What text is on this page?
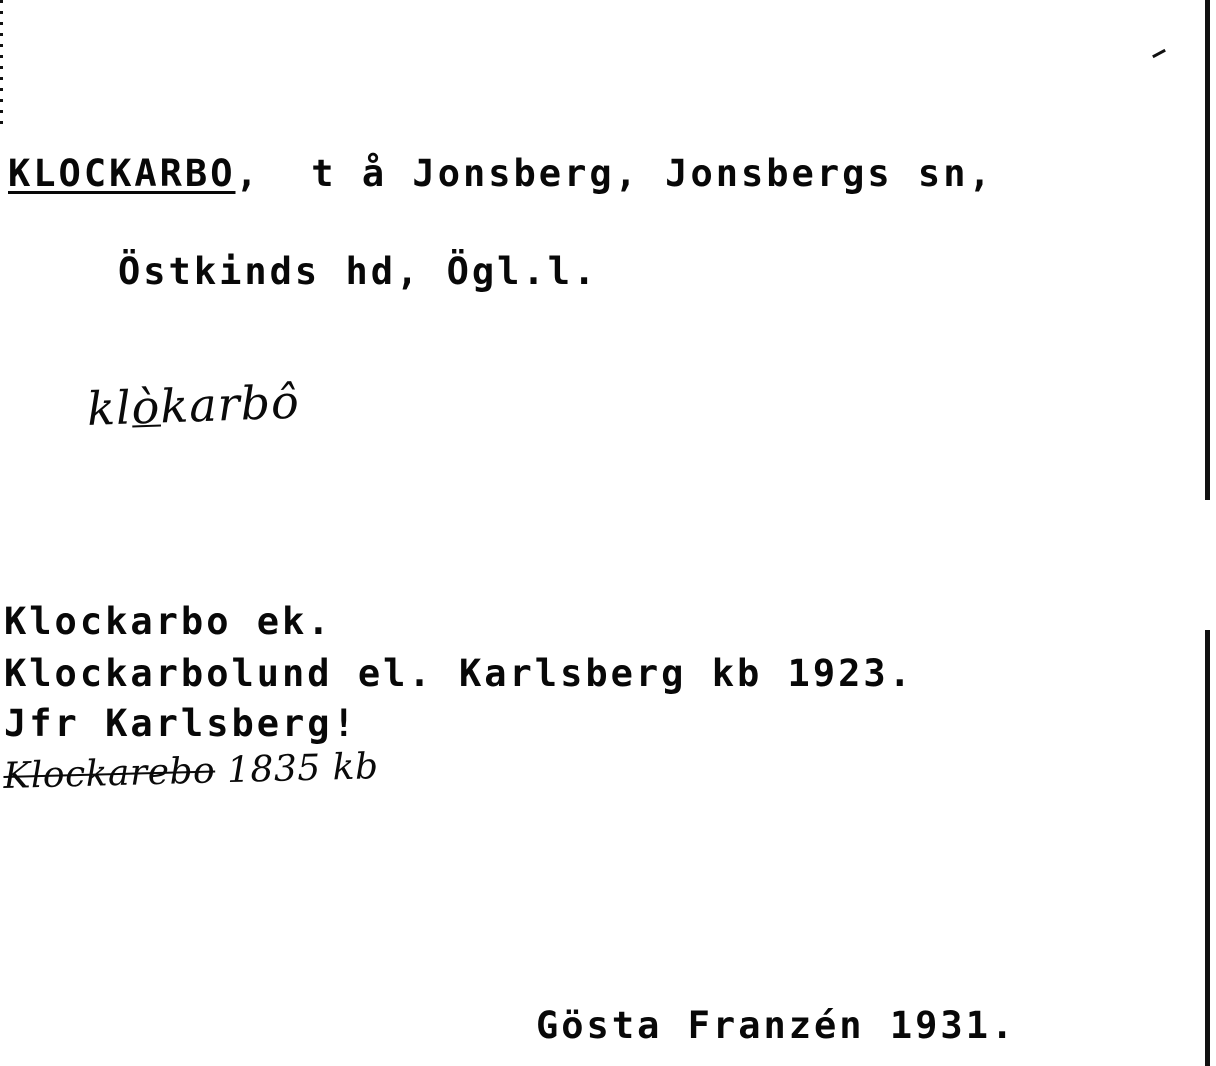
KLOCKARBO,  t å Jonsberg, Jonsbergs sn,
Östkinds hd, Ögl.l.
klòkarbô
Klockarbo ek.
Klockarbolund el. Karlsberg kb 1923.
Jfr Karlsberg!
Klockarebo 1835 kb
Gösta Franzén 1931.
